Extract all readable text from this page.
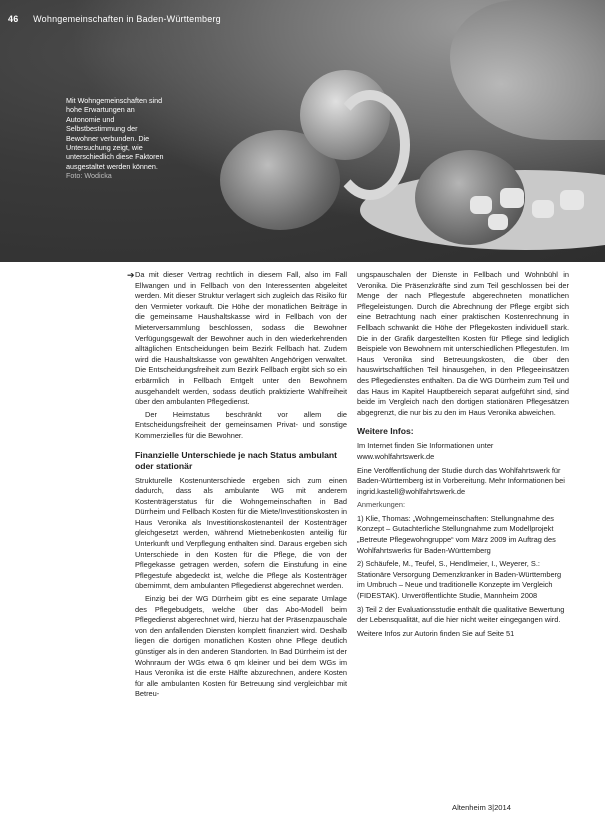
46 Wohngemeinschaften in Baden-Württemberg
Mit Wohngemeinschaften sind hohe Erwartungen an Autonomie und Selbstbestimmung der Bewohner verbunden. Die Untersuchung zeigt, wie unterschiedlich diese Faktoren ausgestaltet werden können.
Foto: Wodicka
➔ Da mit dieser Vertrag rechtlich in diesem Fall, also im Fall Ellwangen und in Fellbach von den Interessenten abgeleitet werden. Mit dieser Struktur verlagert sich zugleich das Risiko für den Vermieter vorkauft. Die Höhe der monatlichen Beiträge in die gemeinsame Haushaltskasse wird in Fellbach von der Mieterversammlung beschlossen, sodass die Bewohner Verfügungsgewalt der Bewohner auch in den wiederkehrenden alltäglichen Entscheidungen beim Bezirk Fellbach hat. Zudem wird die Haushaltskasse von gewählten Angehörigen verwaltet. Die Entscheidungsfreiheit zum Bezirk Fellbach ergibt sich so ein erbärmlich in Fellbach Entgelt unter den Bewohnern ausgehandelt werden, sodass deutlich praktizierte Wahlfreiheit über den ambulanten Pflegedienst.

Der Heimstatus beschränkt vor allem die Entscheidungsfreiheit der gemeinsamen Privat- und sonstige Kommerzielles für die Bewohner.

Finanzielle Unterschiede je nach Status ambulant oder stationär

Strukturelle Kostenunterschiede ergeben sich zum einen dadurch, dass als ambulante WG mit anderem Kostenträgerstatus für die Wohngemeinschaften in Bad Dürrheim und Fellbach Kosten für die Miete/Investitionskosten in Haus Veronika als Investitionskostenanteil der Kostenträger gleichgesetzt werden, während Mietnebenkosten anteilig für Unterkunft und Verpflegung enthalten sind. Daraus ergeben sich Unterschiede in den Kosten für die Pflege, die von der Pflegekasse getragen werden, sofern die Einstufung in eine Pflegestufe abgedeckt ist, welche die Pflege als Kostenträger übernimmt, dem ambulanten Pflegedienst abgerechnet werden.

Einzig bei der WG Dürrheim gibt es eine separate Umlage des Pflegebudgets, welche über das Abo-Modell beim Pflegedienst abgerechnet wird, hierzu hat der Präsenzpauschale von den anfallenden Diensten komplett finanziert wird. Deshalb liegen die dortigen monatlichen Kosten ohne Pflege deutlich günstiger als in den anderen Standorten. In Bad Dürrheim ist der Wohnraum der WGs etwa 6 qm kleiner und bei dem WGs im Haus Veronika ist die erste Hälfte abzurechnen, andere Kosten für alle ambulanten Kosten für Betreuung sind vergleichbar mit Betreu-

ungspauschalen der Dienste in Fellbach und Wohnbühl in Veronika. Die Präsenzkräfte sind zum Teil geschlossen bei der Menge der nach Pflegestufe abgerechneten monatlichen Pflegeleistungen. Durch die Abrechnung der Pflege ergibt sich eine Betrachtung nach einer praktischen Kostenrechnung in Fellbach schwankt die Höhe der Pflegekosten individuell stark. Die in der Grafik dargestellten Kosten für Pflege sind lediglich Beispiele von Bewohnern mit unterschiedlichen Pflegestufen. Im Haus Veronika sind Betreuungskosten, die über den hauswirtschaftlichen Teil hinausgehen, in den Pflegeeinsätzen des Pflegedienstes enthalten. Da die WG Dürrheim zum Teil und das Haus im Kapitel Hauptbereich separat aufgeführt sind, sind beide im Vergleich nach den dortigen stationären Pflegesätzen abgegrenzt, die nur bis zu den im Haus Veronika abweichen.

Weitere Infos:

Im Internet finden Sie Informationen unter www.wohlfahrtswerk.de

Eine Veröffentlichung der Studie durch das Wohlfahrtswerk für Baden-Württemberg ist in Vorbereitung. Mehr Informationen bei ingrid.kastell@wohlfahrtswerk.de

Anmerkungen:

1) Klie, Thomas: „Wohngemeinschaften: Stellungnahme des Konzept – Gutachterliche Stellungnahme zum Modellprojekt „Betreute Pflegewohngruppe“ vom März 2009 im Auftrag des Wohlfahrtswerks für Baden-Württemberg

2) Schäufele, M., Teufel, S., Hendlmeier, I., Weyerer, S.: Stationäre Versorgung Demenzkranker in Baden-Württemberg im Umbruch – Neue und traditionelle Konzepte im Vergleich (FIDESTAK). Unveröffentlichte Studie, Mannheim 2008

3) Teil 2 der Evaluationsstudie enthält die qualitative Bewertung der Lebensqualität, auf die hier nicht weiter eingegangen wird.

Weitere Infos zur Autorin finden Sie auf Seite 51

Altenheim 3|2014
